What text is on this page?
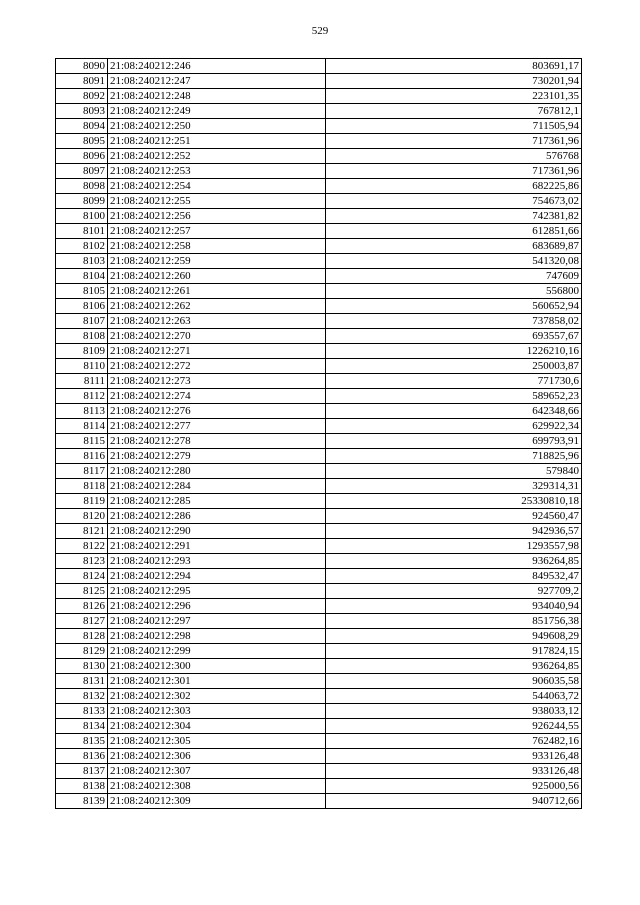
529
8090	21:08:240212:246	803691,17
8091	21:08:240212:247	730201,94
8092	21:08:240212:248	223101,35
8093	21:08:240212:249	767812,1
8094	21:08:240212:250	711505,94
8095	21:08:240212:251	717361,96
8096	21:08:240212:252	576768
8097	21:08:240212:253	717361,96
8098	21:08:240212:254	682225,86
8099	21:08:240212:255	754673,02
8100	21:08:240212:256	742381,82
8101	21:08:240212:257	612851,66
8102	21:08:240212:258	683689,87
8103	21:08:240212:259	541320,08
8104	21:08:240212:260	747609
8105	21:08:240212:261	556800
8106	21:08:240212:262	560652,94
8107	21:08:240212:263	737858,02
8108	21:08:240212:270	693557,67
8109	21:08:240212:271	1226210,16
8110	21:08:240212:272	250003,87
8111	21:08:240212:273	771730,6
8112	21:08:240212:274	589652,23
8113	21:08:240212:276	642348,66
8114	21:08:240212:277	629922,34
8115	21:08:240212:278	699793,91
8116	21:08:240212:279	718825,96
8117	21:08:240212:280	579840
8118	21:08:240212:284	329314,31
8119	21:08:240212:285	25330810,18
8120	21:08:240212:286	924560,47
8121	21:08:240212:290	942936,57
8122	21:08:240212:291	1293557,98
8123	21:08:240212:293	936264,85
8124	21:08:240212:294	849532,47
8125	21:08:240212:295	927709,2
8126	21:08:240212:296	934040,94
8127	21:08:240212:297	851756,38
8128	21:08:240212:298	949608,29
8129	21:08:240212:299	917824,15
8130	21:08:240212:300	936264,85
8131	21:08:240212:301	906035,58
8132	21:08:240212:302	544063,72
8133	21:08:240212:303	938033,12
8134	21:08:240212:304	926244,55
8135	21:08:240212:305	762482,16
8136	21:08:240212:306	933126,48
8137	21:08:240212:307	933126,48
8138	21:08:240212:308	925000,56
8139	21:08:240212:309	940712,66
